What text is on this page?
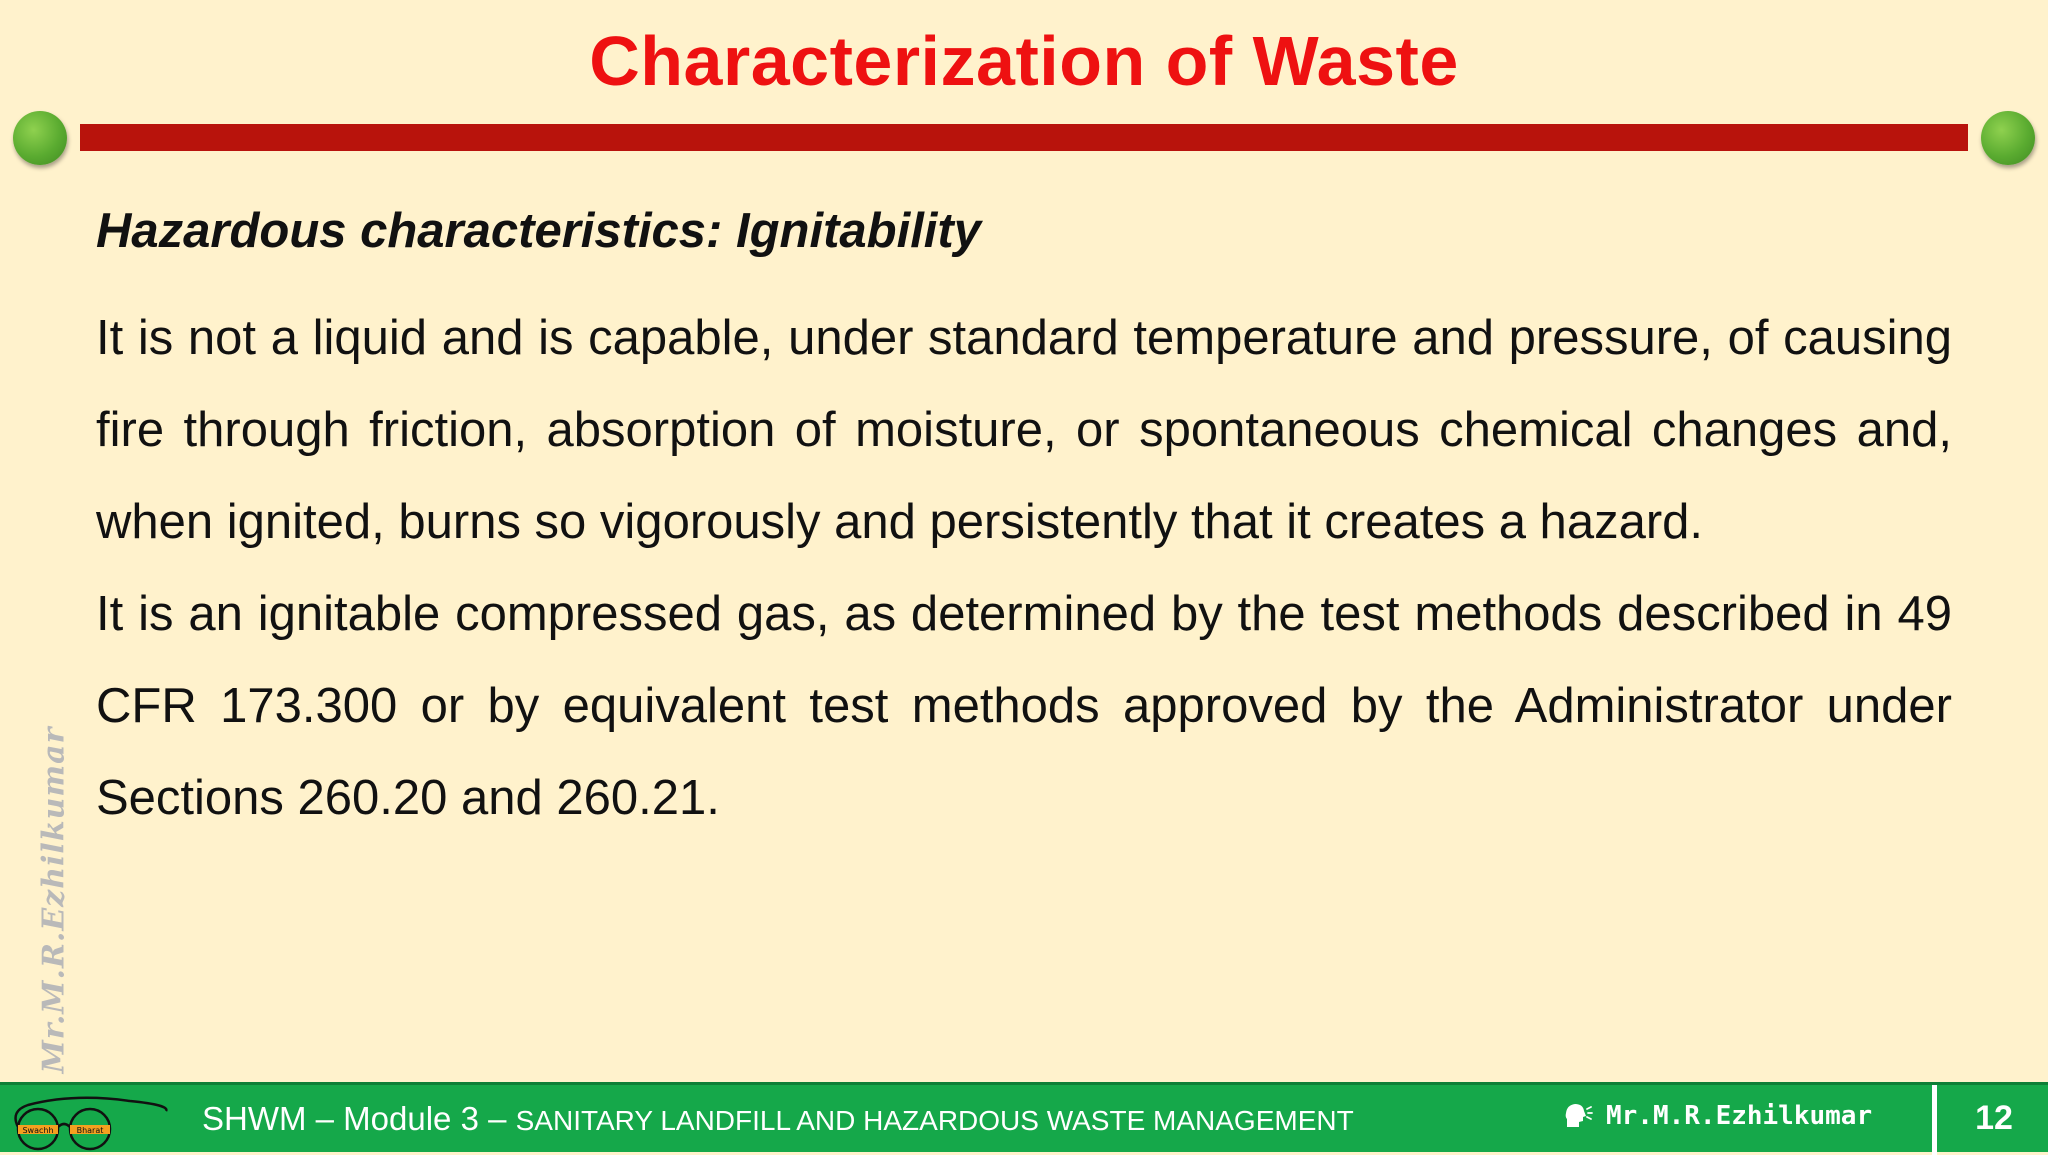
Characterization of Waste
Hazardous characteristics: Ignitability

It is not a liquid and is capable, under standard temperature and pressure, of causing fire through friction, absorption of moisture, or spontaneous chemical changes and, when ignited, burns so vigorously and persistently that it creates a hazard.

It is an ignitable compressed gas, as determined by the test methods described in 49 CFR 173.300 or by equivalent test methods approved by the Administrator under Sections 260.20 and 260.21.

Mr.M.R.Ezhilkumar
Swachh	Bharat	SHWM – Module 3 – SANITARY LANDFILL AND HAZARDOUS WASTE MANAGEMENT	Mr.M.R.Ezhilkumar	12
